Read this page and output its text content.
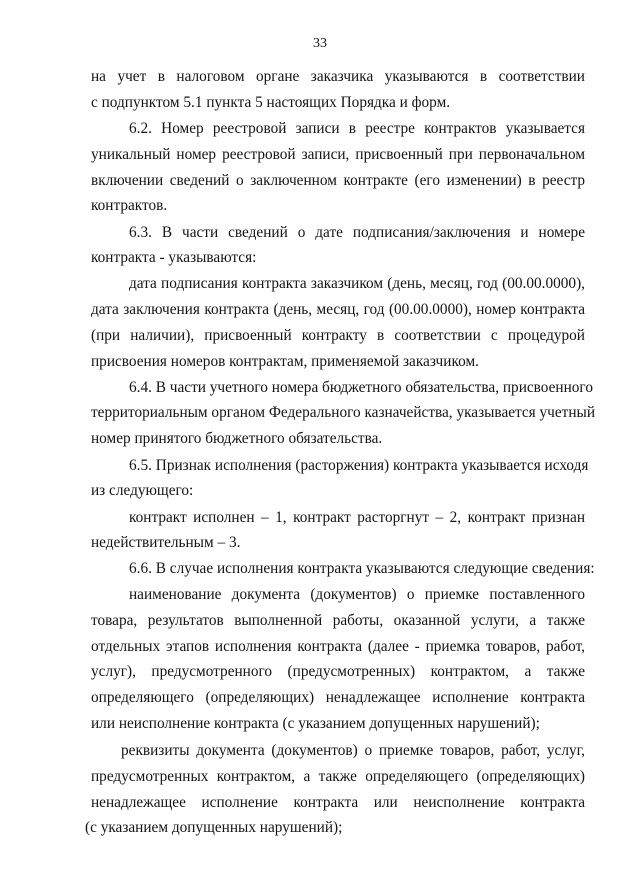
33
на учет в налоговом органе заказчика указываются в соответствии
с подпунктом 5.1 пункта 5 настоящих Порядка и форм.
6.2. Номер реестровой записи в реестре контрактов указывается
уникальный номер реестровой записи, присвоенный при первоначальном
включении сведений о заключенном контракте (его изменении) в реестр
контрактов.
6.3. В части сведений о дате подписания/заключения и номере
контракта - указываются:
дата подписания контракта заказчиком (день, месяц, год (00.00.0000),
дата заключения контракта (день, месяц, год (00.00.0000), номер контракта
(при наличии), присвоенный контракту в соответствии с процедурой
присвоения номеров контрактам, применяемой заказчиком.
6.4. В части учетного номера бюджетного обязательства, присвоенного
территориальным органом Федерального казначейства, указывается учетный
номер принятого бюджетного обязательства.
6.5. Признак исполнения (расторжения) контракта указывается исходя
из следующего:
контракт исполнен – 1, контракт расторгнут – 2, контракт признан
недействительным – 3.
6.6. В случае исполнения контракта указываются следующие сведения:
наименование документа (документов) о приемке поставленного
товара, результатов выполненной работы, оказанной услуги, а также
отдельных этапов исполнения контракта (далее - приемка товаров, работ,
услуг), предусмотренного (предусмотренных) контрактом, а также
определяющего (определяющих) ненадлежащее исполнение контракта
или неисполнение контракта (с указанием допущенных нарушений);
реквизиты документа (документов) о приемке товаров, работ, услуг,
предусмотренных контрактом, а также определяющего (определяющих)
ненадлежащее исполнение контракта или неисполнение контракта
(с указанием допущенных нарушений);
